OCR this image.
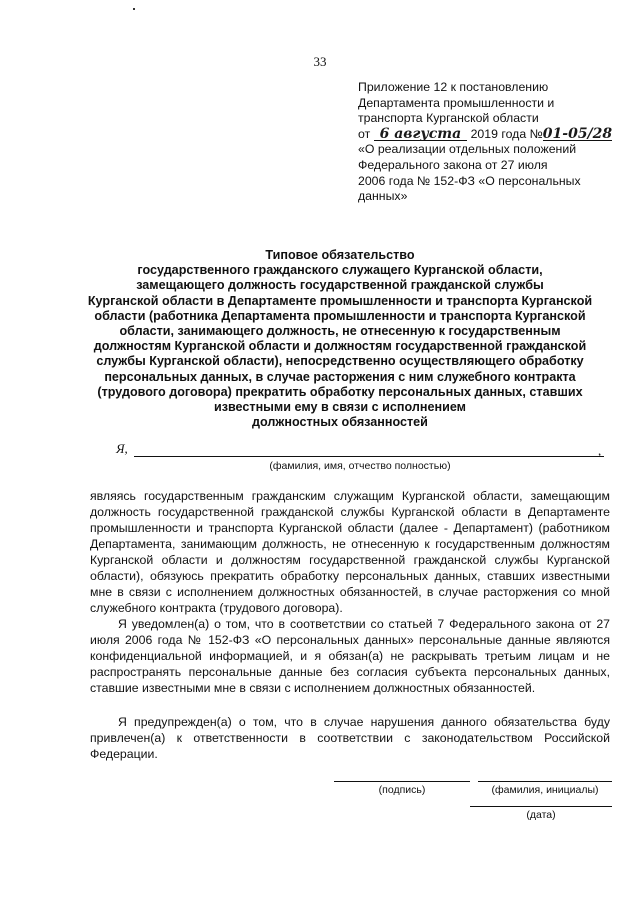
33
Приложение 12 к постановлению
Департамента промышленности и
транспорта Курганской области
от 6 августа 2019 года №01-05/28
«О реализации отдельных положений
Федерального закона от 27 июля
2006 года № 152-ФЗ «О персональных
данных»
Типовое обязательство
государственного гражданского служащего Курганской области,
замещающего должность государственной гражданской службы
Курганской области в Департаменте промышленности и транспорта Курганской
области (работника Департамента промышленности и транспорта Курганской
области, занимающего должность, не отнесенную к государственным
должностям Курганской области и должностям государственной гражданской
службы Курганской области), непосредственно осуществляющего обработку
персональных данных, в случае расторжения с ним служебного контракта
(трудового договора) прекратить обработку персональных данных, ставших
известными ему в связи с исполнением
должностных обязанностей
Я,	,
(фамилия, имя, отчество полностью)

являясь государственным гражданским служащим Курганской области, замещающим должность государственной гражданской службы Курганской области в Департаменте промышленности и транспорта Курганской области (далее - Департамент) (работником Департамента, занимающим должность, не отнесенную к государственным должностям Курганской области и должностям государственной гражданской службы Курганской области), обязуюсь прекратить обработку персональных данных, ставших известными мне в связи с исполнением должностных обязанностей, в случае расторжения со мной служебного контракта (трудового договора).

Я уведомлен(а) о том, что в соответствии со статьей 7 Федерального закона от 27 июля 2006 года № 152-ФЗ «О персональных данных» персональные данные являются конфиденциальной информацией, и я обязан(а) не раскрывать третьим лицам и не распространять персональные данные без согласия субъекта персональных данных, ставшие известными мне в связи с исполнением должностных обязанностей.

Я предупрежден(а) о том, что в случае нарушения данного обязательства буду привлечен(а) к ответственности в соответствии с законодательством Российской Федерации.

(подпись)	(фамилия, инициалы)
(дата)
